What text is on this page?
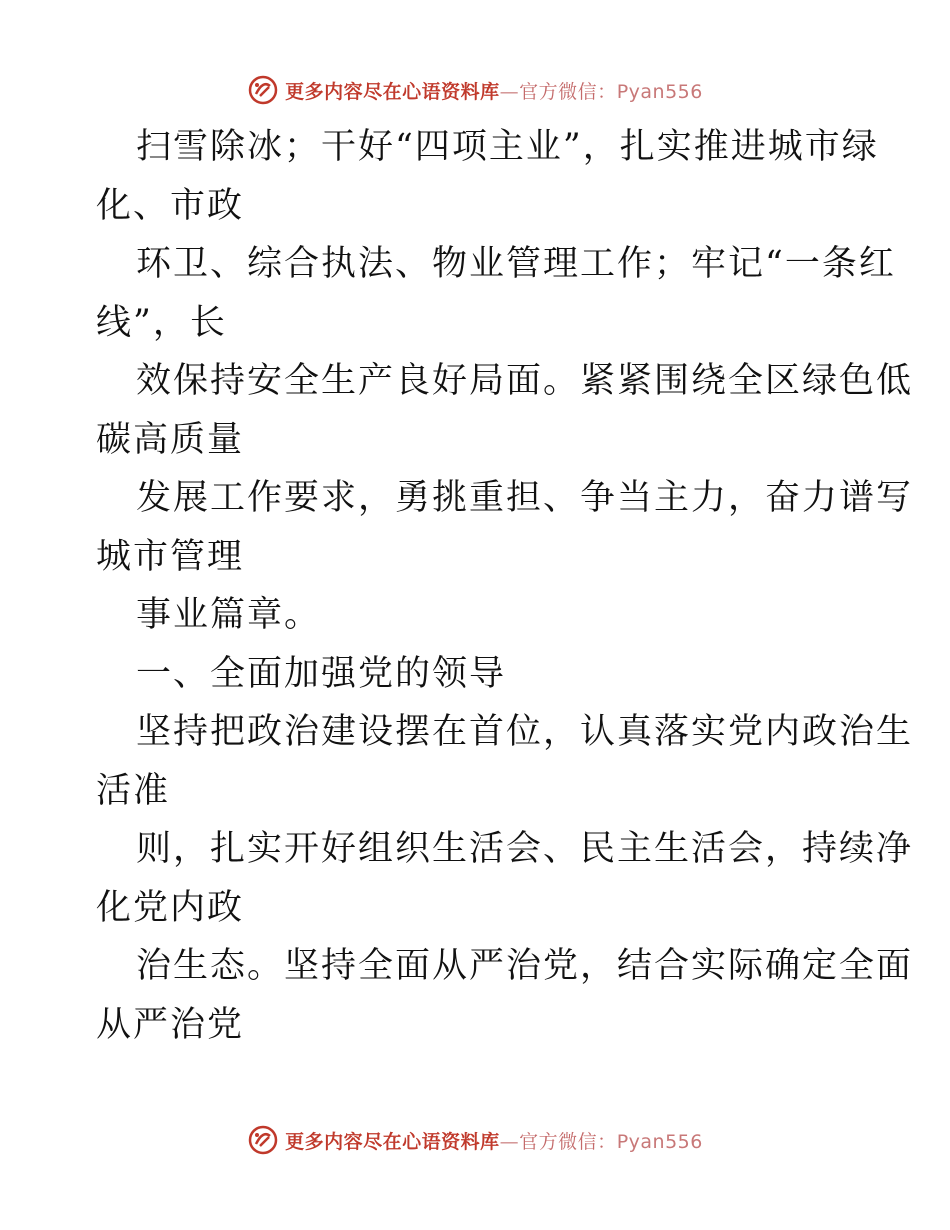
更多内容尽在心语资料库—官方微信：Pyan556
扫雪除冰；干好“四项主业”，扎实推进城市绿
化、市政
环卫、综合执法、物业管理工作；牢记“一条红
线”，长
效保持安全生产良好局面。紧紧围绕全区绿色低
碳高质量
发展工作要求，勇挑重担、争当主力，奋力谱写
城市管理
事业篇章。
一、全面加强党的领导
坚持把政治建设摆在首位，认真落实党内政治生
活准
则，扎实开好组织生活会、民主生活会，持续净
化党内政
治生态。坚持全面从严治党，结合实际确定全面
从严治党
更多内容尽在心语资料库—官方微信：Pyan556
